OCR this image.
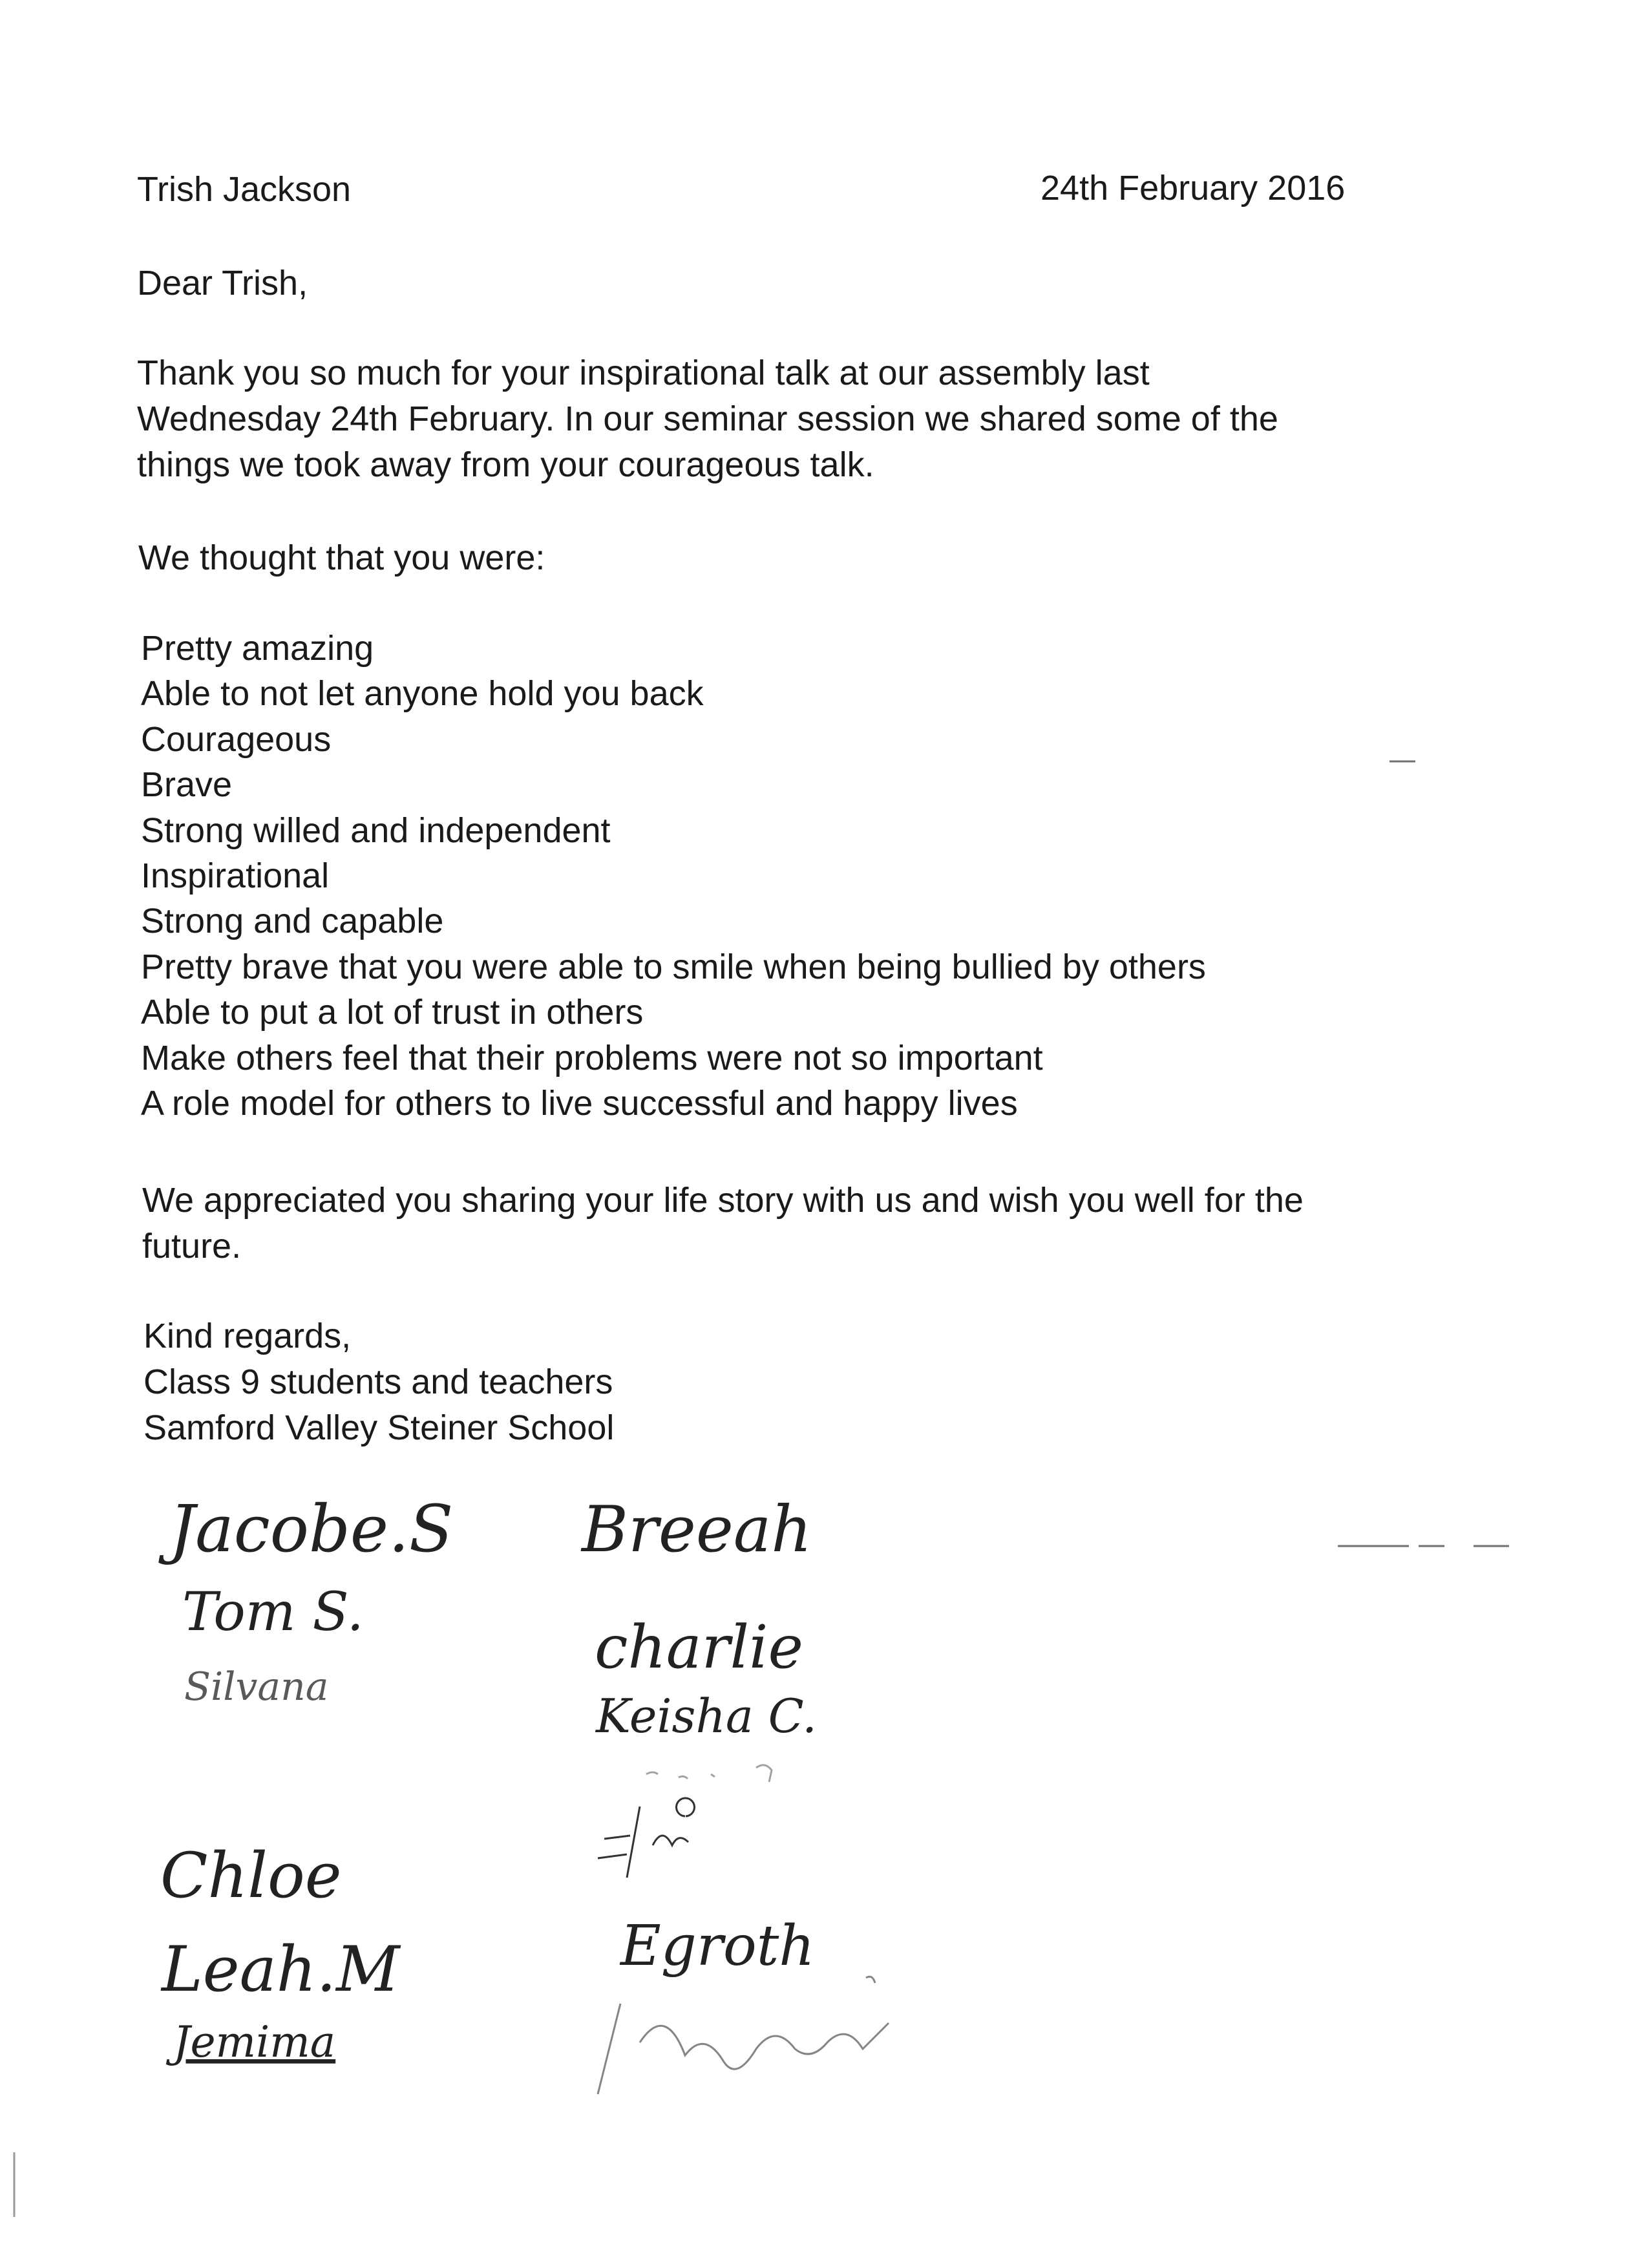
Trish Jackson	24th February 2016

Dear Trish,

Thank you so much for your inspirational talk at our assembly last
Wednesday 24th February. In our seminar session we shared some of the
things we took away from your courageous talk.

We thought that you were:

Pretty amazing
Able to not let anyone hold you back
Courageous
Brave
Strong willed and independent
Inspirational
Strong and capable
Pretty brave that you were able to smile when being bullied by others
Able to put a lot of trust in others
Make others feel that their problems were not so important
A role model for others to live successful and happy lives
We appreciated you sharing your life story with us and wish you well for the
future.
Kind regards,
Class 9 students and teachers
Samford Valley Steiner School
Jacobe.S
Tom S.
Silvana
Chloe
Leah.M
Jemima
Breeah
charlie
Keisha C.
Egroth
